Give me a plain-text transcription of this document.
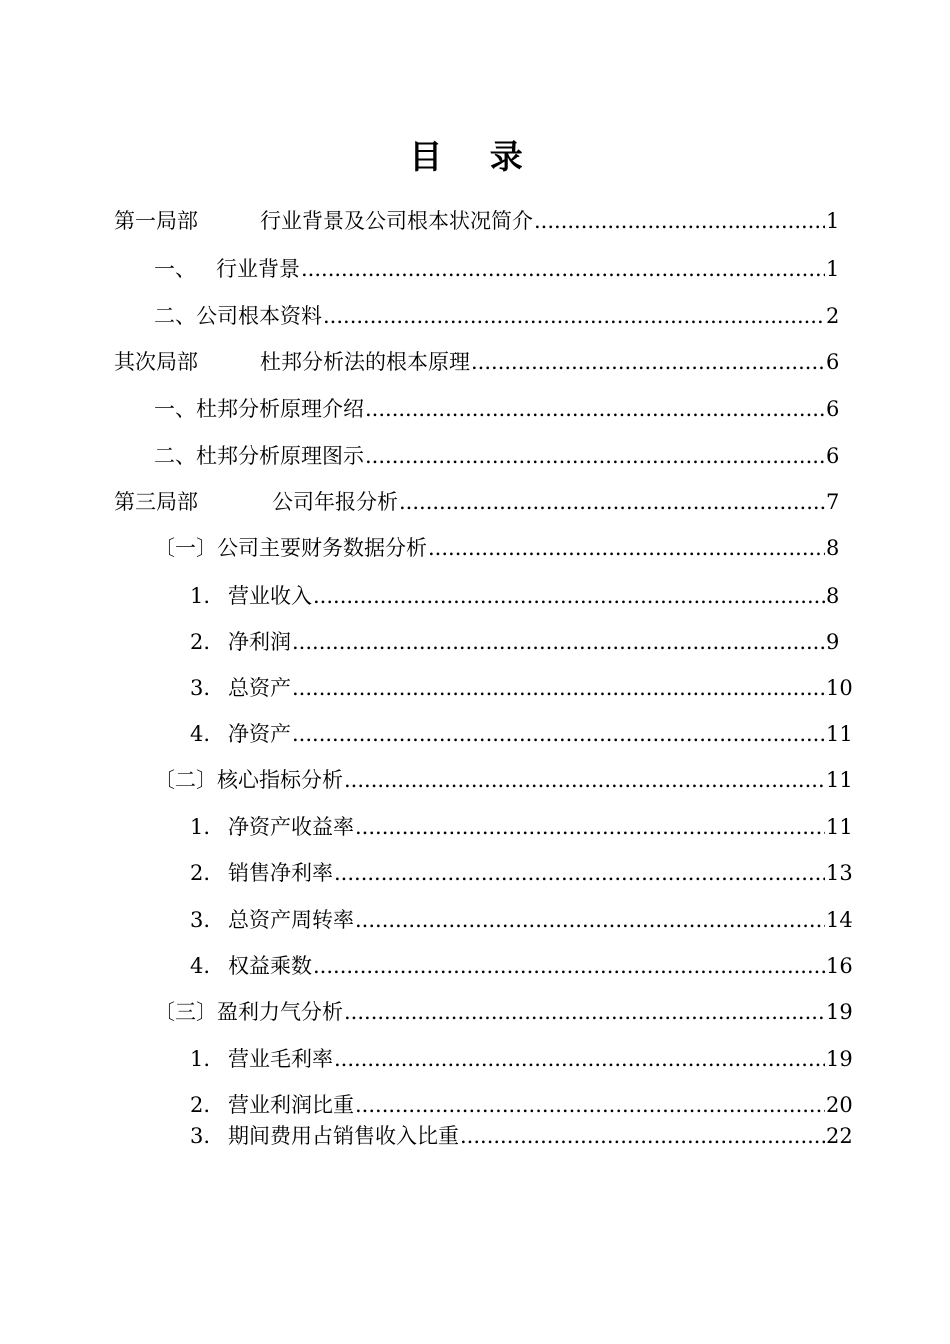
目 录
第一局部	行业背景及公司根本状况简介 .....	1
一、 行业背景 .....	1
二、公司根本资料 .....	2
其次局部	杜邦分析法的根本原理 .....	6
一、杜邦分析原理介绍 .....	6
二、杜邦分析原理图示 .....	6
第三局部	公司年报分析 .....	7
〔一〕公司主要财务数据分析 .....	8
1. 营业收入 .....	8
2. 净利润 .....	9
3. 总资产 .....	10
4. 净资产 .....	11
〔二〕核心指标分析 .....	11
1. 净资产收益率 .....	11
2. 销售净利率 .....	13
3. 总资产周转率 .....	14
4. 权益乘数 .....	16
〔三〕盈利力气分析 .....	19
1. 营业毛利率 .....	19
2. 营业利润比重 .....	20
3. 期间费用占销售收入比重 .....	22
